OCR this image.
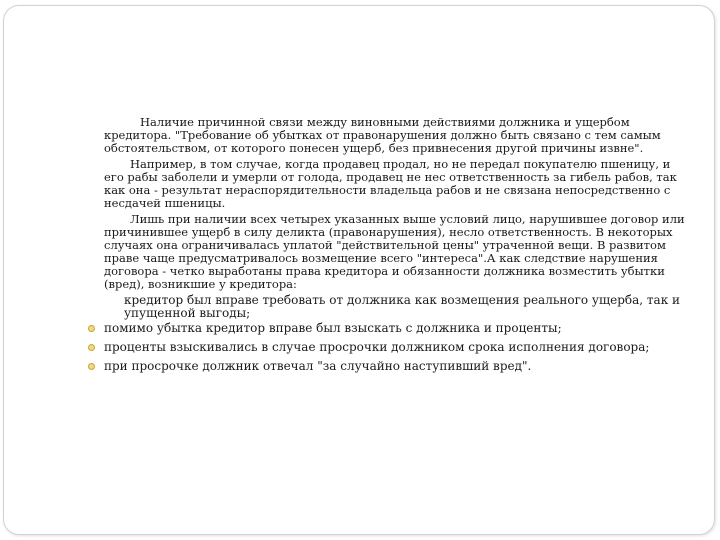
Наличие причинной связи между виновными действиями должника и ущербом кредитора. "Требование об убытках от правонарушения должно быть связано с тем самым обстоятельством, от которого понесен ущерб, без привнесения другой причины извне".

Например, в том случае, когда продавец продал, но не передал покупателю пшеницу, и его рабы заболели и умерли от голода, продавец не нес ответственность за гибель рабов, так как она - результат нераспорядительности владельца рабов и не связана непосредственно с несдачей пшеницы.

Лишь при наличии всех четырех указанных выше условий лицо, нарушившее договор или причинившее ущерб в силу деликта (правонарушения), несло ответственность. В некоторых случаях она ограничивалась уплатой "действительной цены" утраченной вещи. В развитом праве чаще предусматривалось возмещение всего "интереса".А как следствие нарушения договора - четко выработаны права кредитора и обязанности должника возместить убытки (вред), возникшие у кредитора:

кредитор был вправе требовать от должника как возмещения реального ущерба, так и упущенной выгоды;

помимо убытка кредитор вправе был взыскать с должника и проценты;
проценты взыскивались в случае просрочки должником срока исполнения договора;
при просрочке должник отвечал "за случайно наступивший вред".
